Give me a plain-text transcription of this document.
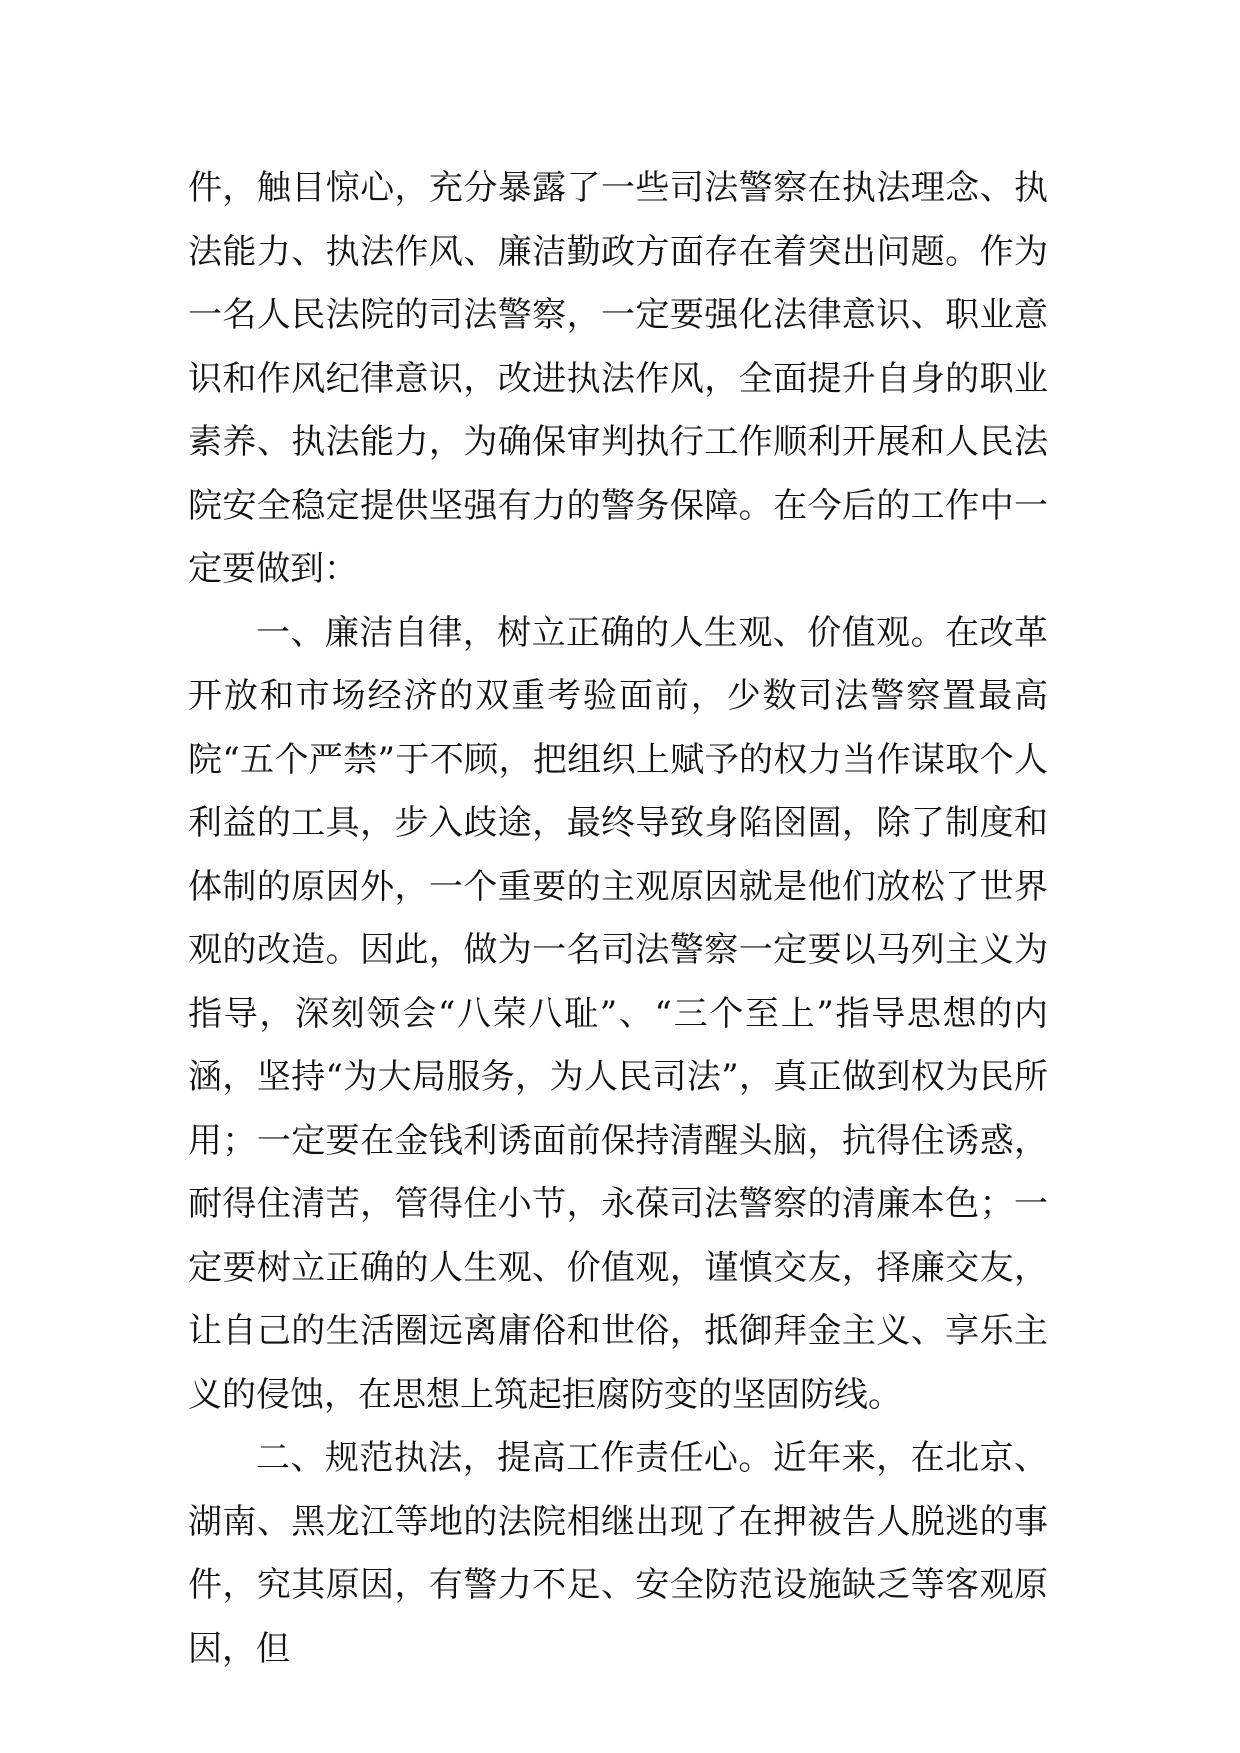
件，触目惊心，充分暴露了一些司法警察在执法理念、执法能力、执法作风、廉洁勤政方面存在着突出问题。作为一名人民法院的司法警察，一定要强化法律意识、职业意识和作风纪律意识，改进执法作风，全面提升自身的职业素养、执法能力，为确保审判执行工作顺利开展和人民法院安全稳定提供坚强有力的警务保障。在今后的工作中一定要做到：

一、廉洁自律，树立正确的人生观、价值观。在改革开放和市场经济的双重考验面前，少数司法警察置最高院“五个严禁”于不顾，把组织上赋予的权力当作谋取个人利益的工具，步入歧途，最终导致身陷囹圄，除了制度和体制的原因外，一个重要的主观原因就是他们放松了世界观的改造。因此，做为一名司法警察一定要以马列主义为指导，深刻领会“八荣八耻”、“三个至上”指导思想的内涵，坚持“为大局服务，为人民司法”，真正做到权为民所用；一定要在金钱利诱面前保持清醒头脑，抗得住诱惑，耐得住清苦，管得住小节，永葆司法警察的清廉本色；一定要树立正确的人生观、价值观，谨慎交友，择廉交友，让自己的生活圈远离庸俗和世俗，抵御拜金主义、享乐主义的侵蚀，在思想上筑起拒腐防变的坚固防线。

二、规范执法，提高工作责任心。近年来，在北京、湖南、黑龙江等地的法院相继出现了在押被告人脱逃的事件，究其原因，有警力不足、安全防范设施缺乏等客观原因，但
